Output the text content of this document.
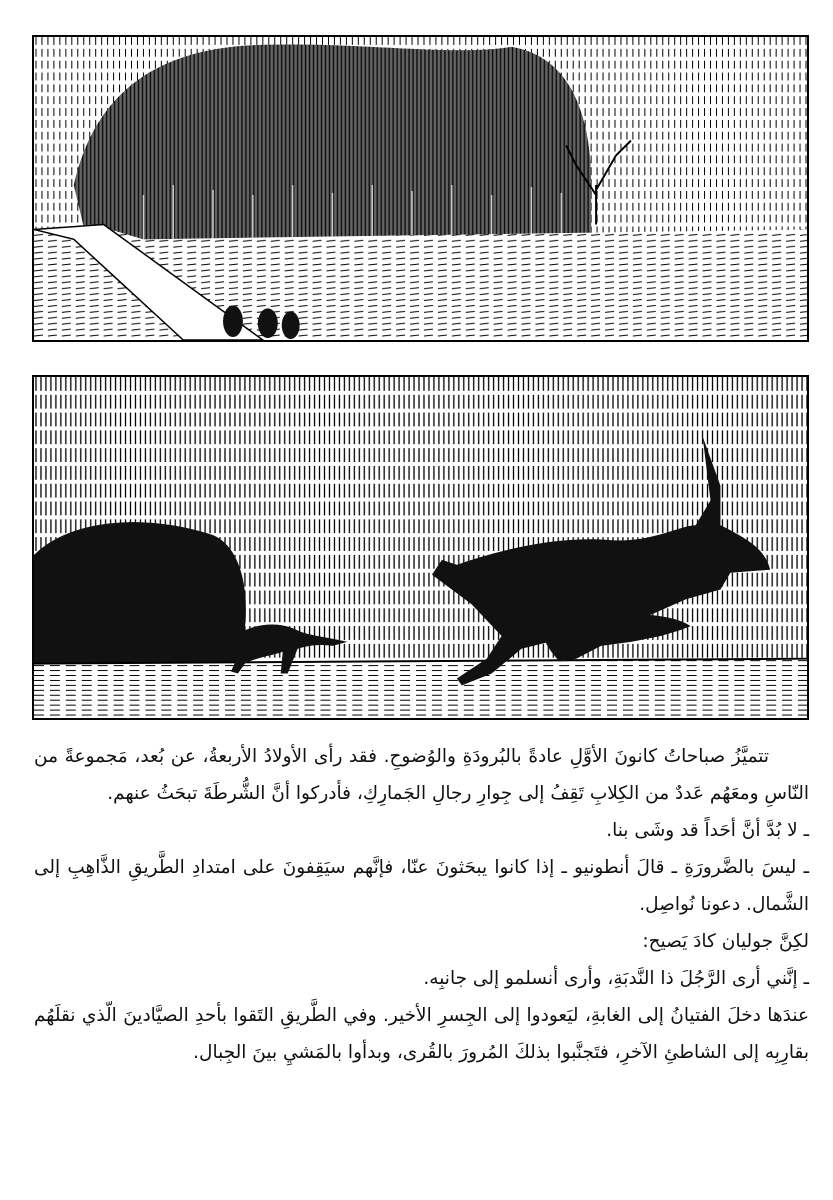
تتميَّزُ صباحاتُ كانونَ الأوَّلِ عادةً بالبُرودَةِ والوُضوحِ. فقد رأى الأولادُ الأربعةُ، عن بُعد، مَجموعةً من النّاسِ ومعَهُم عَددٌ من الكِلابِ تَقِفُ إلى جِوارِ رجالِ الجَمارِكِ، فأدركوا أنَّ الشُّرطَةَ تبحَثُ عنهم.

ـ لا بُدَّ أنَّ أحَداً قد وشَى بنا.

ـ ليسَ بالضَّرورَةِ ـ قالَ أنطونيو ـ إذا كانوا يبحَثونَ عنّا، فإنَّهم سيَقِفونَ على امتدادِ الطَّريقِ الذَّاهِبِ إلى الشَّمال. دعونا نُواصِل.

لكِنَّ جوليان كادَ يَصيح:

ـ إنَّني أرى الرَّجُلَ ذا النَّدبَةِ، وأرى أنسلمو إلى جانبِه.

عندَها دخلَ الفتيانُ إلى الغابةِ، ليَعودوا إلى الجِسرِ الأخير. وفي الطَّريقِ التَقوا بأحدِ الصيَّادينَ الّذي نقلَهُم بقارِبِه إلى الشاطئِ الآخرِ، فتَجنَّبوا بذلكَ المُرورَ بالقُرى، وبدأوا بالمَشيِ بينَ الجِبال.
